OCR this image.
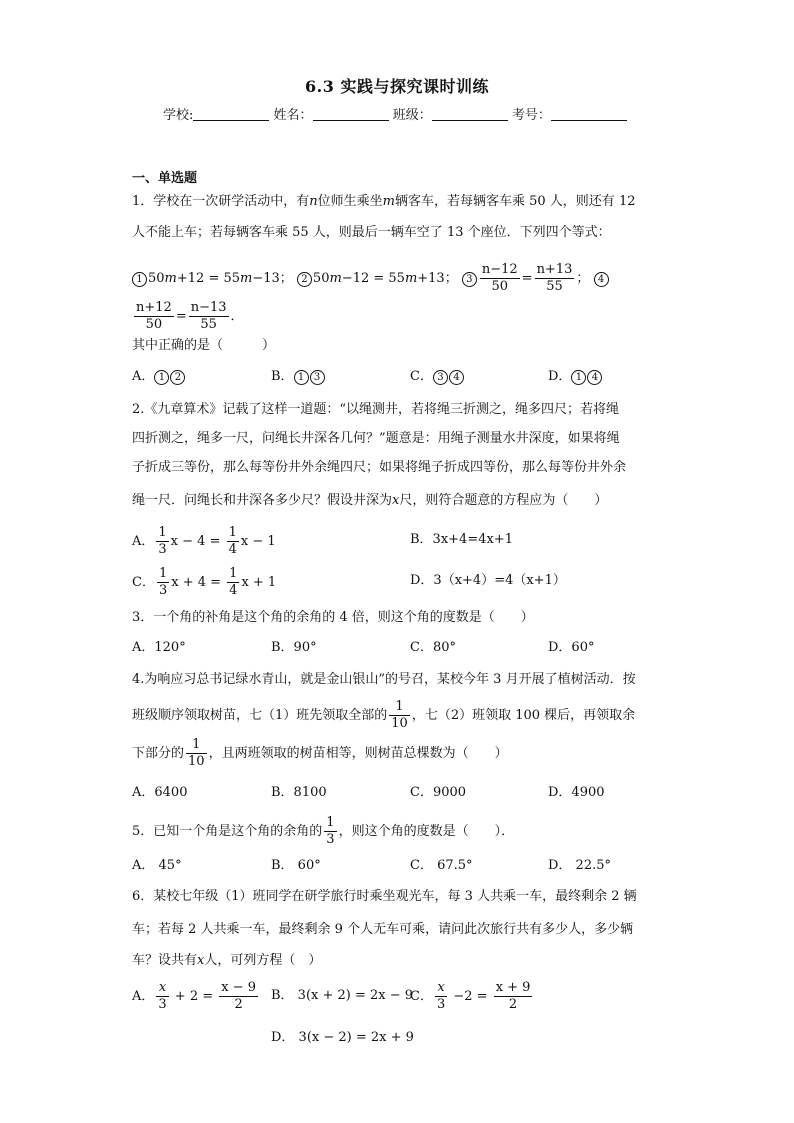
6.3 实践与探究课时训练
学校:	姓名：	班级：	考号：
一、单选题
1．学校在一次研学活动中，有n位师生乘坐m辆客车，若每辆客车乘 50 人，则还有 12
人不能上车；若每辆客车乘 55 人，则最后一辆车空了 13 个座位．下列四个等式：
1 50m+12 = 55m−13； 2 50m−12 = 55m+13； $3 \frac{n-12}{50} = \frac{n+13}{55}$ ； 4
$\frac{n+12}{50} = \frac{n-13}{55}$ ．
其中正确的是（　　　）
A． 1 2	B． 1 3	C． 3 4	D． 1 4
2.《九章算术》记载了这样一道题：“以绳测井，若将绳三折测之，绳多四尺；若将绳
四折测之，绳多一尺，问绳长井深各几何？”题意是：用绳子测量水井深度，如果将绳
子折成三等份，那么每等份井外余绳四尺；如果将绳子折成四等份，那么每等份井外余
绳一尺．问绳长和井深各多少尺？假设井深为x尺，则符合题意的方程应为（　　）
A． $\frac{1}{3}$ $x - 4 = \frac{1}{4}$ x − 1	B．3x+4=4x+1
C． $\frac{1}{3}$ $x + 4 = \frac{1}{4}$ x + 1	D．3（x+4）=4（x+1）
3．一个角的补角是这个角的余角的 4 倍，则这个角的度数是（　　）
A．120°	B．90°	C．80°	D．60°
4.为响应习总书记绿水青山，就是金山银山”的号召，某校今年 3 月开展了植树活动．按
班级顺序领取树苗，七（1）班先领取全部的 $\frac{1}{10}$ ，七（2）班领取 100 棵后，再领取余
下部分的 $\frac{1}{10}$ ，且两班领取的树苗相等，则树苗总棵数为（　　）
A．6400	B．8100	C．9000	D．4900
5．已知一个角是这个角的余角的 $\frac{1}{3}$ ，则这个角的度数是（　　）．
A． 45°	B． 60°	C． 67.5°	D． 22.5°
6．某校七年级（1）班同学在研学旅行时乘坐观光车，每 3 人共乘一车，最终剩余 2 辆
车；若每 2 人共乘一车，最终剩余 9 个人无车可乘，请问此次旅行共有多少人，多少辆
车？设共有x人，可列方程（　）
A． $\frac{x}{3} + 2 = \frac{x - 9}{2}$ B． 3(x + 2) = 2x − 9
C． $\frac{x}{3} -2 = \frac{x + 9}{2}$
D． 3(x − 2) = 2x + 9
